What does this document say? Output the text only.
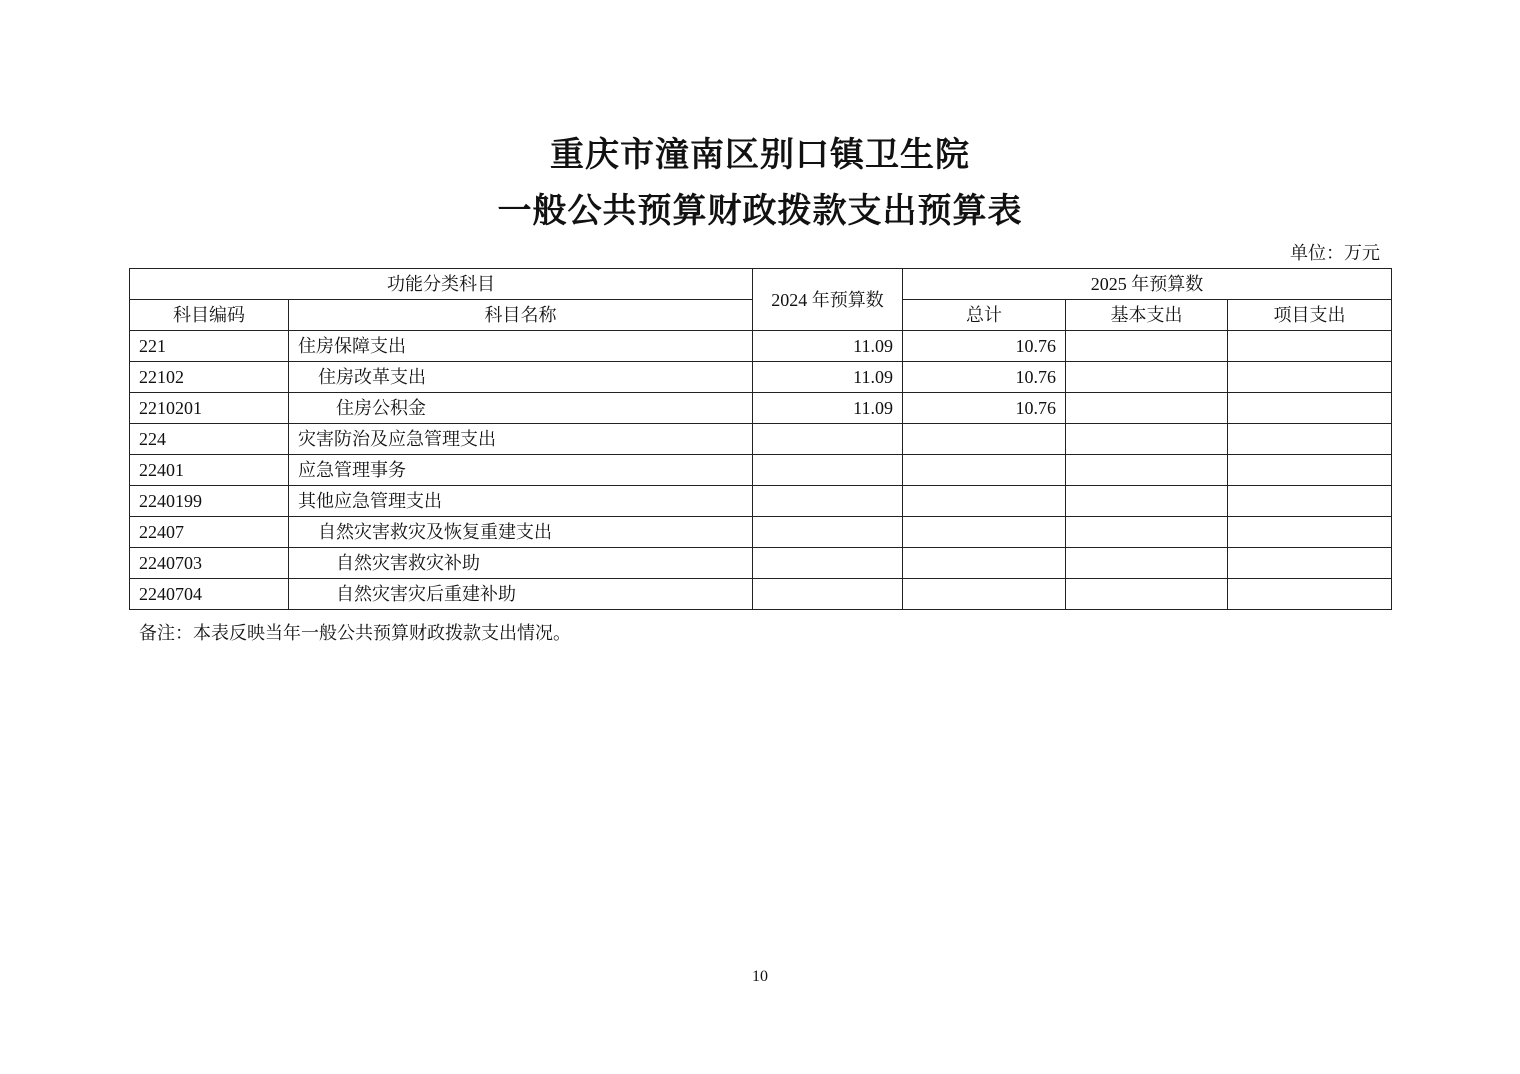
重庆市潼南区别口镇卫生院
一般公共预算财政拨款支出预算表
单位：万元
功能分类科目		2024 年预算数	2025 年预算数		
科目编码	科目名称		总计	基本支出	项目支出
221	住房保障支出	11.09	10.76		
22102	住房改革支出	11.09	10.76		
2210201	住房公积金	11.09	10.76		
224	灾害防治及应急管理支出				
22401	应急管理事务				
2240199	其他应急管理支出				
22407	自然灾害救灾及恢复重建支出				
2240703	自然灾害救灾补助				
2240704	自然灾害灾后重建补助				
备注：本表反映当年一般公共预算财政拨款支出情况。
10
